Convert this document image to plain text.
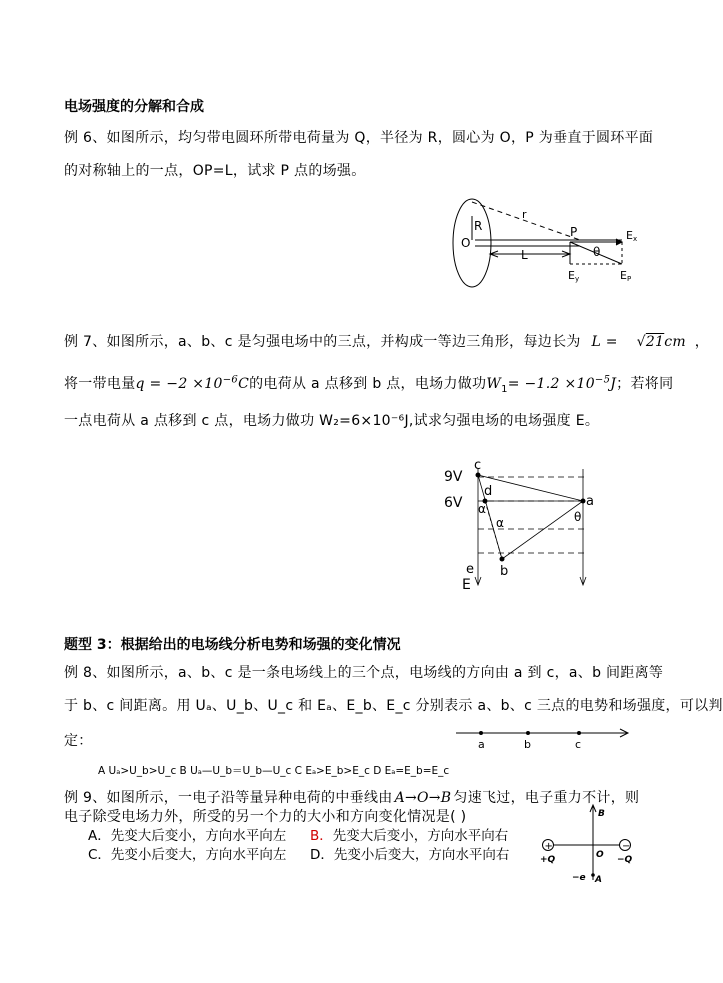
电场强度的分解和合成
例 6、如图所示，均匀带电圆环所带电荷量为 Q，半径为 R，圆心为 O，P 为垂直于圆环平面
的对称轴上的一点，OP=L，试求 P 点的场强。
r
R
O
P
L	θ
Ex
Ey	EP
例 7、如图所示，a、b、c 是匀强电场中的三点，并构成一等边三角形，每边长为 L = √21cm ，
将一带电量$q = -2 \times 10^{-6}C$的电荷从 a 点移到 b 点，电场力做功$W_1= -1.2 \times 10^{-5}J$；若将同
一点电荷从 a 点移到 c 点，电场力做功 W₂=6×10⁻⁶J,试求匀强电场的电场强度 E。
9V
6V
c
d
a
b
α
α	θ
e
E
题型 3：根据给出的电场线分析电势和场强的变化情况
例 8、如图所示，a、b、c 是一条电场线上的三个点，电场线的方向由 a 到 c，a、b 间距离等
于 b、c 间距离。用 Uₐ、U_b、U_c 和 Eₐ、E_b、E_c 分别表示 a、b、c 三点的电势和场强度，可以判
定：
A Uₐ>U_b>U_c B Uₐ—U_b＝U_b—U_c C Eₐ>E_b>E_c D Eₐ=E_b=E_c
a	b	c
例 9、如图所示，一电子沿等量异种电荷的中垂线由 A→O→B 匀速飞过，电子重力不计，则
电子除受电场力外，所受的另一个力的大小和方向变化情况是( )
A．先变大后变小，方向水平向左 B．先变大后变小，方向水平向右
C．先变小后变大，方向水平向左 D．先变小后变大，方向水平向右
+	−
B
O
A
+Q	−Q
−e
